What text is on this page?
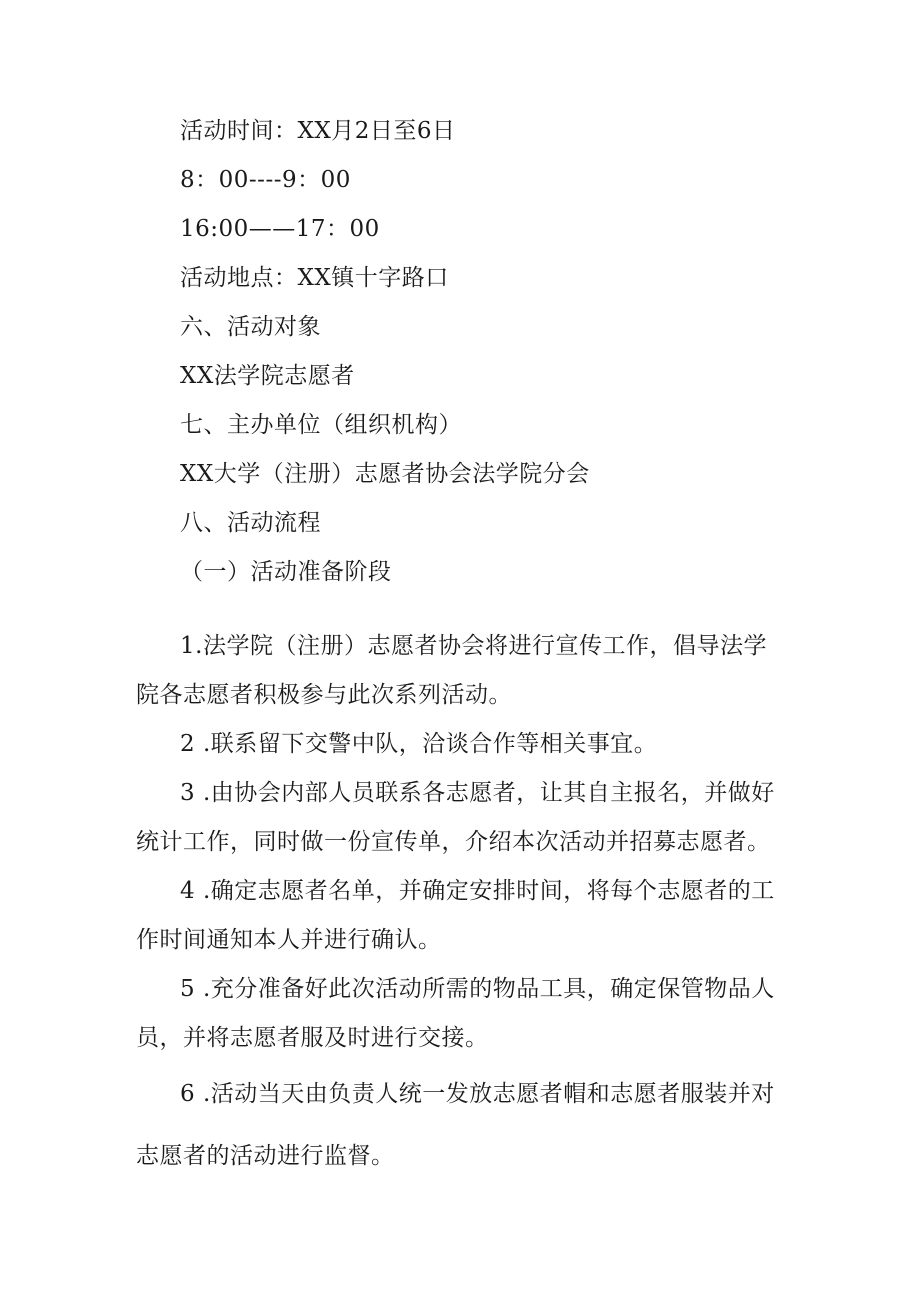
活动时间：XX月2日至6日
8：00----9：00
16:00——17：00
活动地点：XX镇十字路口
六、活动对象
XX法学院志愿者
七、主办单位（组织机构）
XX大学（注册）志愿者协会法学院分会
八、活动流程
（一）活动准备阶段

1.法学院（注册）志愿者协会将进行宣传工作，倡导法学院各志愿者积极参与此次系列活动。

2 .联系留下交警中队，洽谈合作等相关事宜。

3 .由协会内部人员联系各志愿者，让其自主报名，并做好统计工作，同时做一份宣传单，介绍本次活动并招募志愿者。

4 .确定志愿者名单，并确定安排时间，将每个志愿者的工作时间通知本人并进行确认。

5 .充分准备好此次活动所需的物品工具，确定保管物品人员，并将志愿者服及时进行交接。

6 .活动当天由负责人统一发放志愿者帽和志愿者服装并对志愿者的活动进行监督。
